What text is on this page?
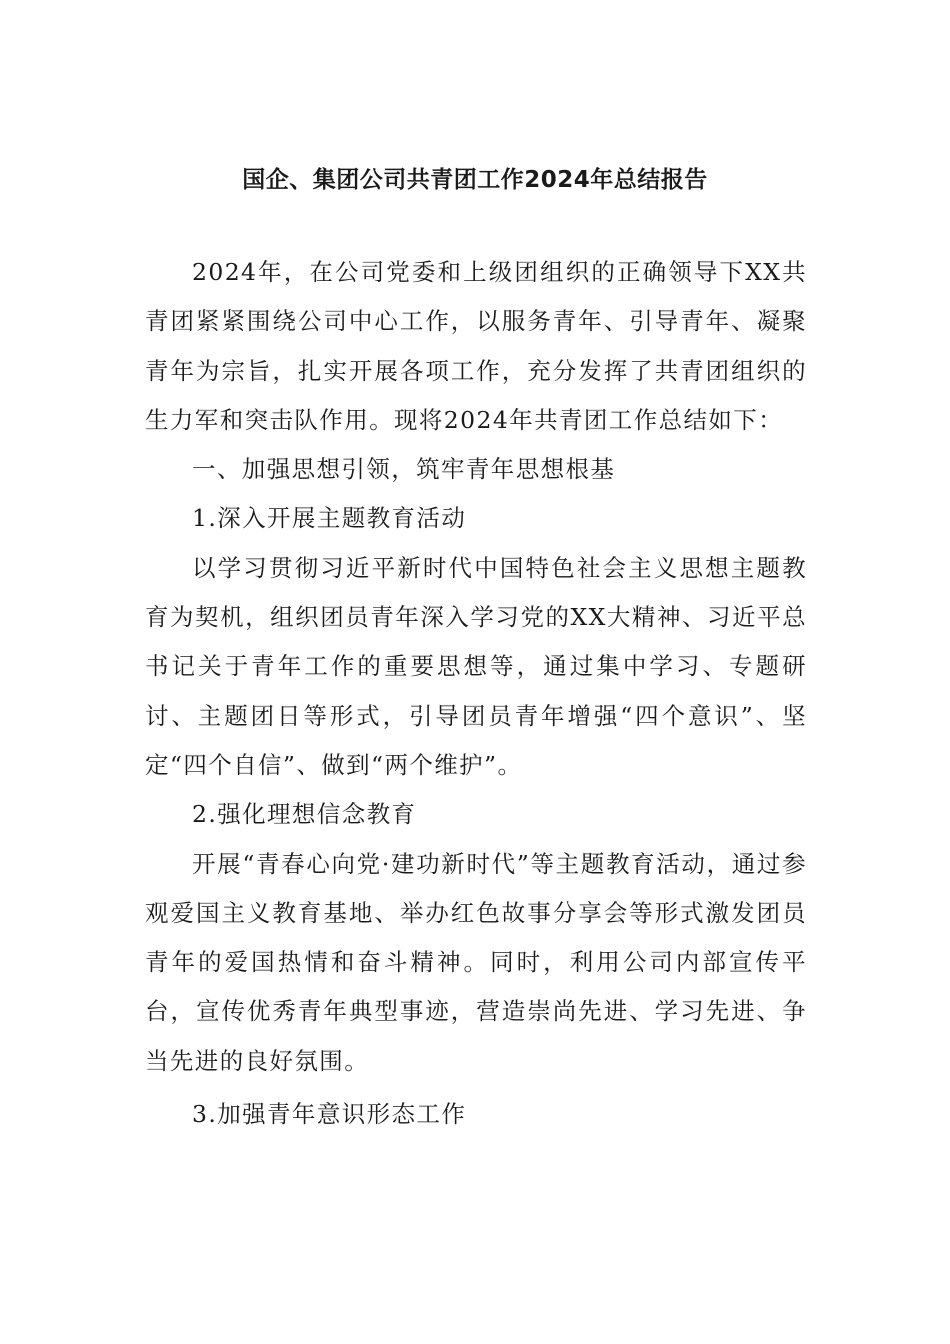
国企、集团公司共青团工作2024年总结报告

2024年，在公司党委和上级团组织的正确领导下XX共青团紧紧围绕公司中心工作，以服务青年、引导青年、凝聚青年为宗旨，扎实开展各项工作，充分发挥了共青团组织的生力军和突击队作用。现将2024年共青团工作总结如下：

一、加强思想引领，筑牢青年思想根基

1.深入开展主题教育活动

以学习贯彻习近平新时代中国特色社会主义思想主题教育为契机，组织团员青年深入学习党的XX大精神、习近平总书记关于青年工作的重要思想等，通过集中学习、专题研讨、主题团日等形式，引导团员青年增强“四个意识”、坚定“四个自信”、做到“两个维护”。

2.强化理想信念教育

开展“青春心向党·建功新时代”等主题教育活动，通过参观爱国主义教育基地、举办红色故事分享会等形式激发团员青年的爱国热情和奋斗精神。同时，利用公司内部宣传平台，宣传优秀青年典型事迹，营造崇尚先进、学习先进、争当先进的良好氛围。

3.加强青年意识形态工作
